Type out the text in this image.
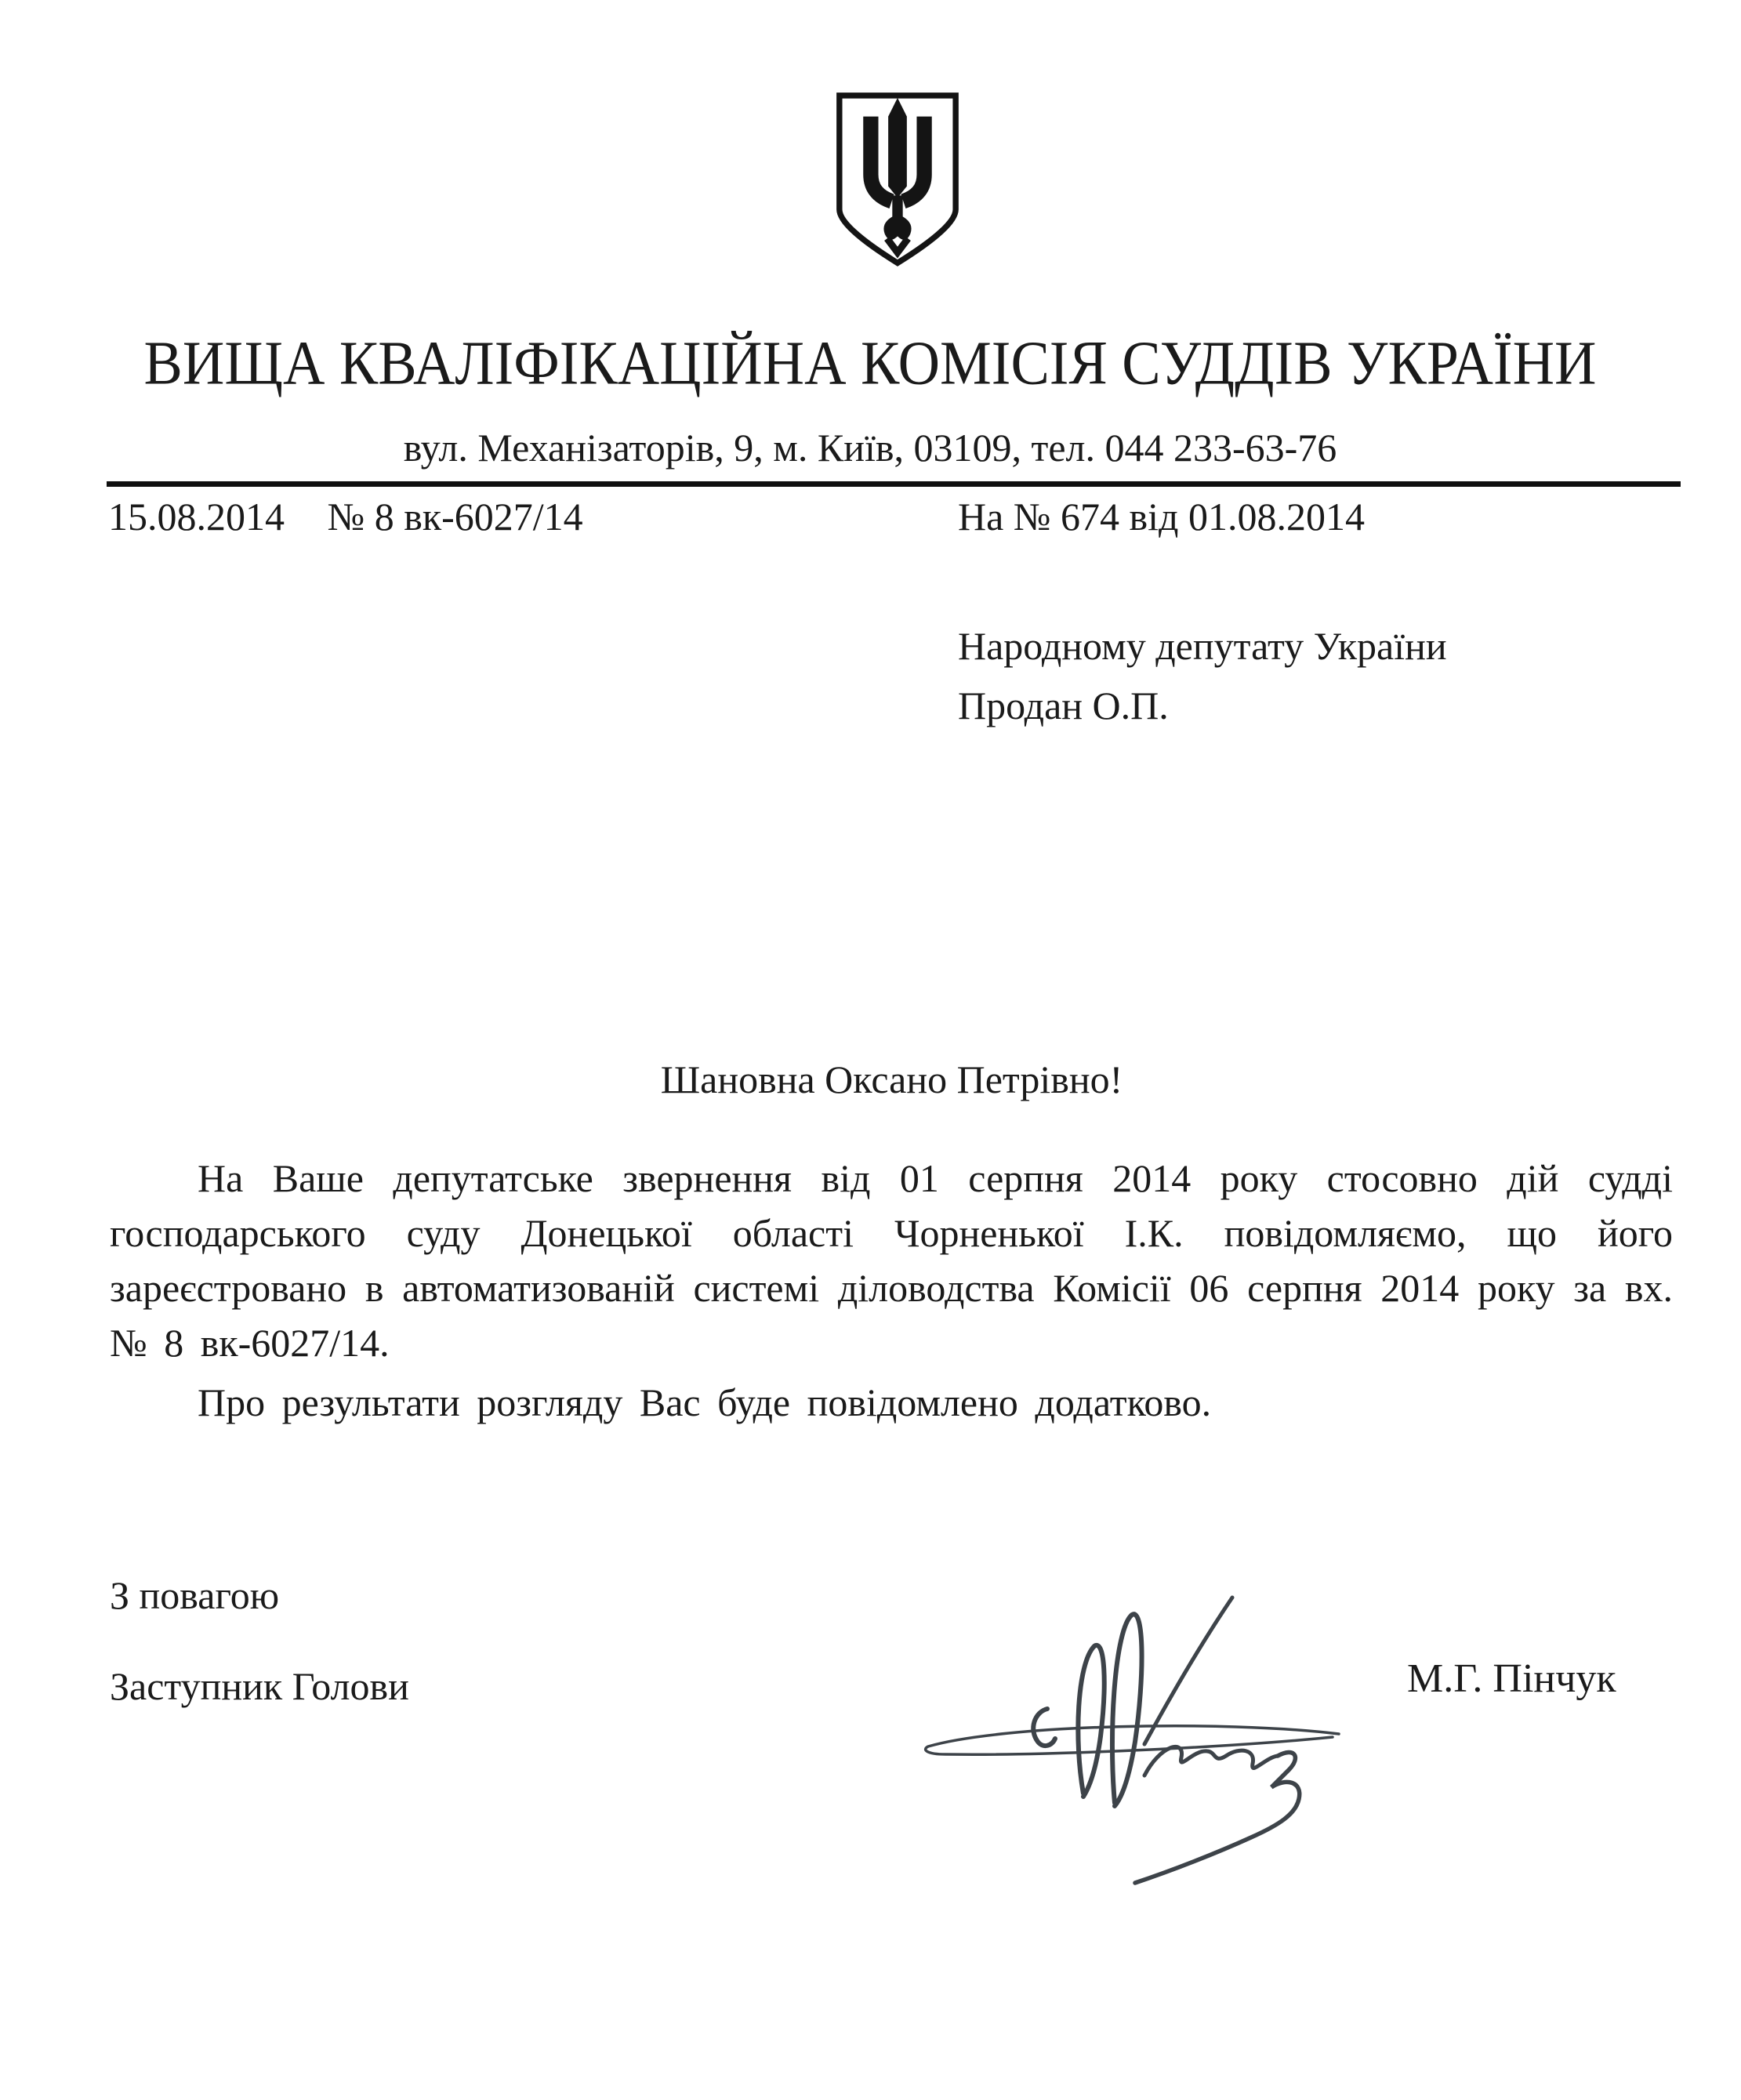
ВИЩА КВАЛІФІКАЦІЙНА КОМІСІЯ СУДДІВ УКРАЇНИ
вул. Механізаторів, 9, м. Київ, 03109, тел. 044 233-63-76
15.08.2014 № 8 вк-6027/14	На № 674 від 01.08.2014
Народному депутату України
Продан О.П.
Шановна Оксано Петрівно!

На Ваше депутатське звернення від 01 серпня 2014 року стосовно дій судді господарського суду Донецької області Чорненької І.К. повідомляємо, що його зареєстровано в автоматизованій системі діловодства Комісії 06 серпня 2014 року за вх. № 8 вк-6027/14.

Про результати розгляду Вас буде повідомлено додатково.

З повагою
Заступник Голови	М.Г. Пінчук
